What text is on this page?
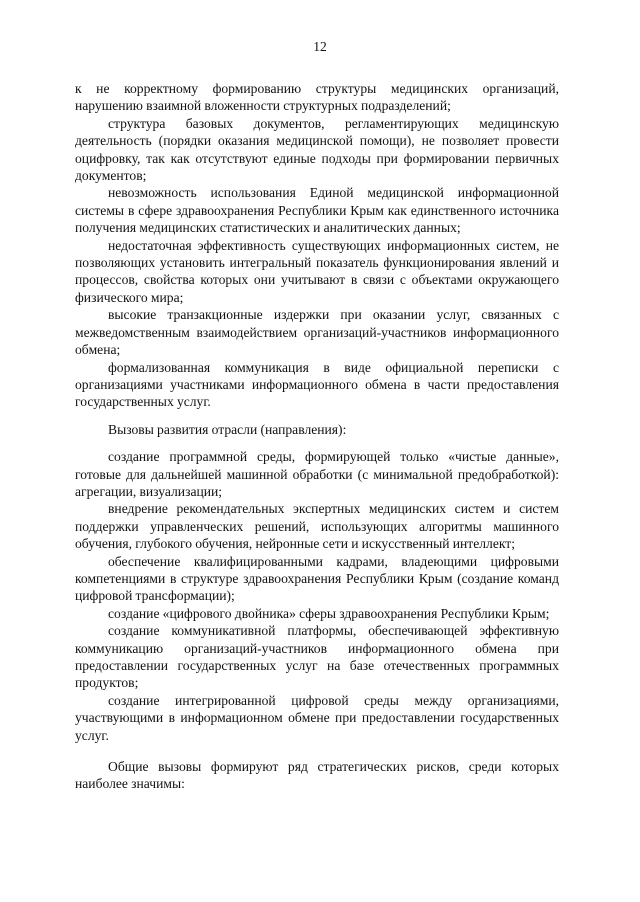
12

к не корректному формированию структуры медицинских организаций, нарушению взаимной вложенности структурных подразделений;

структура базовых документов, регламентирующих медицинскую деятельность (порядки оказания медицинской помощи), не позволяет провести оцифровку, так как отсутствуют единые подходы при формировании первичных документов;

невозможность использования Единой медицинской информационной системы в сфере здравоохранения Республики Крым как единственного источника получения медицинских статистических и аналитических данных;

недостаточная эффективность существующих информационных систем, не позволяющих установить интегральный показатель функционирования явлений и процессов, свойства которых они учитывают в связи с объектами окружающего физического мира;

высокие транзакционные издержки при оказании услуг, связанных с межведомственным взаимодействием организаций-участников информационного обмена;

формализованная коммуникация в виде официальной переписки с организациями участниками информационного обмена в части предоставления государственных услуг.

Вызовы развития отрасли (направления):

создание программной среды, формирующей только «чистые данные», готовые для дальнейшей машинной обработки (с минимальной предобработкой): агрегации, визуализации;

внедрение рекомендательных экспертных медицинских систем и систем поддержки управленческих решений, использующих алгоритмы машинного обучения, глубокого обучения, нейронные сети и искусственный интеллект;

обеспечение квалифицированными кадрами, владеющими цифровыми компетенциями в структуре здравоохранения Республики Крым (создание команд цифровой трансформации);

создание «цифрового двойника» сферы здравоохранения Республики Крым;

создание коммуникативной платформы, обеспечивающей эффективную коммуникацию организаций-участников информационного обмена при предоставлении государственных услуг на базе отечественных программных продуктов;

создание интегрированной цифровой среды между организациями, участвующими в информационном обмене при предоставлении государственных услуг.

Общие вызовы формируют ряд стратегических рисков, среди которых наиболее значимы:
